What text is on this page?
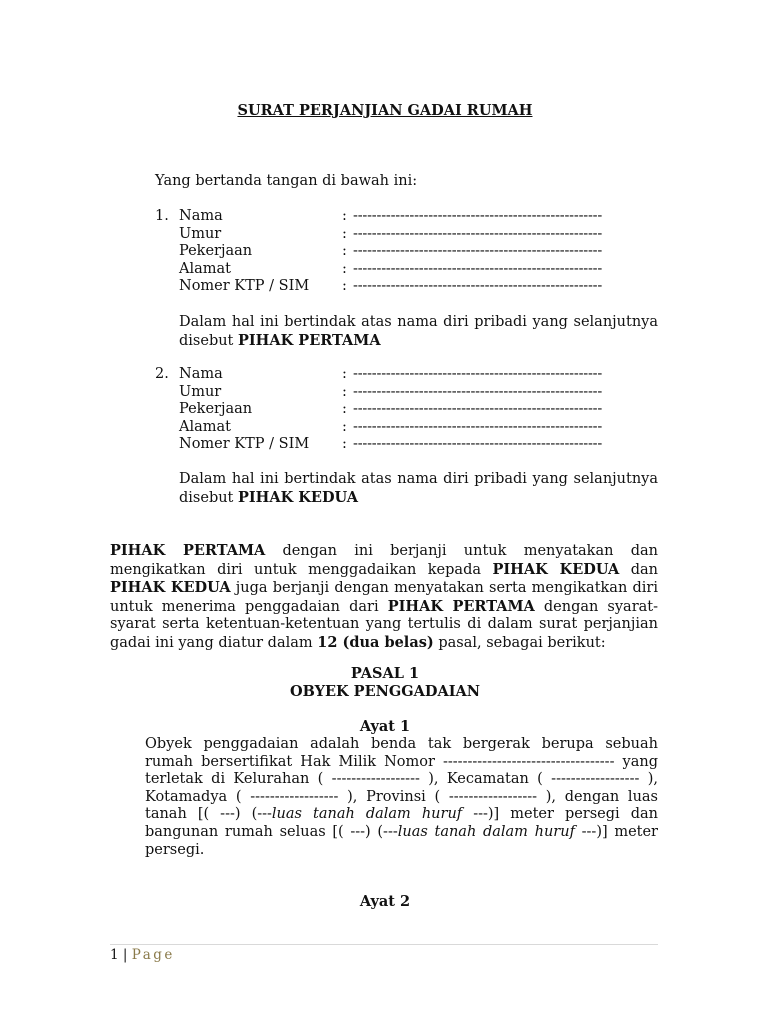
SURAT PERJANJIAN GADAI RUMAH
Yang bertanda tangan di bawah ini:
1. Nama	: -----------------------------------------------------
Umur	: -----------------------------------------------------
Pekerjaan	: -----------------------------------------------------
Alamat	: -----------------------------------------------------
Nomer KTP / SIM : -----------------------------------------------------
Dalam hal ini bertindak atas nama diri pribadi yang selanjutnya disebut PIHAK PERTAMA
2. Nama	: -----------------------------------------------------
Umur	: -----------------------------------------------------
Pekerjaan	: -----------------------------------------------------
Alamat	: -----------------------------------------------------
Nomer KTP / SIM : -----------------------------------------------------
Dalam hal ini bertindak atas nama diri pribadi yang selanjutnya disebut PIHAK KEDUA
PIHAK PERTAMA dengan ini berjanji untuk menyatakan dan mengikatkan diri untuk menggadaikan kepada PIHAK KEDUA dan PIHAK KEDUA juga berjanji dengan menyatakan serta mengikatkan diri untuk menerima penggadaian dari PIHAK PERTAMA dengan syarat-syarat serta ketentuan-ketentuan yang tertulis di dalam surat perjanjian gadai ini yang diatur dalam 12 (dua belas) pasal, sebagai berikut:
PASAL 1
OBYEK PENGGADAIAN
Ayat 1
Obyek penggadaian adalah benda tak bergerak berupa sebuah rumah bersertifikat Hak Milik Nomor ----------------------------------- yang terletak di Kelurahan ( ------------------ ), Kecamatan ( ------------------ ), Kotamadya ( ------------------ ), Provinsi ( ------------------ ), dengan luas tanah [( ---) (---luas tanah dalam huruf ---)] meter persegi dan bangunan rumah seluas [( ---) (---luas tanah dalam huruf ---)] meter persegi.
Ayat 2
1 | Page
